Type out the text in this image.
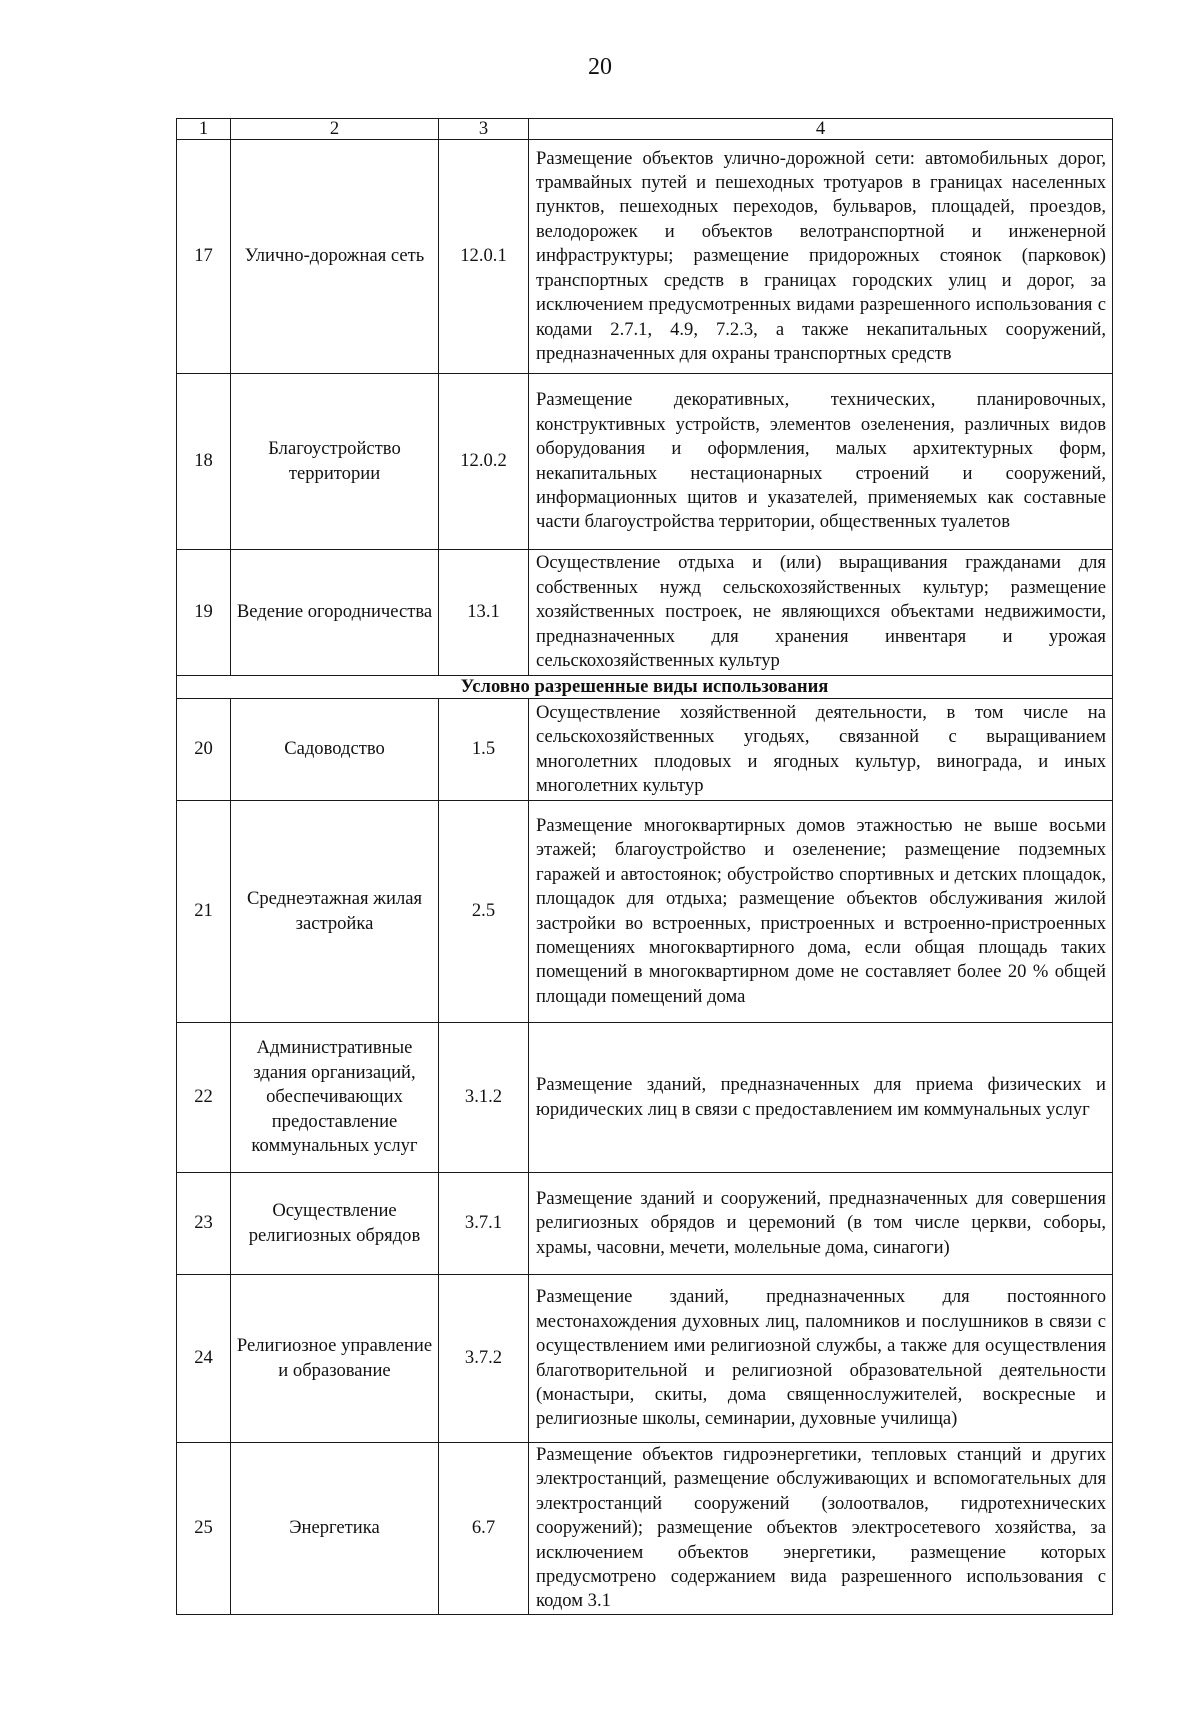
20
1	2	3	4
17	Улично-дорожная сеть	12.0.1	Размещение объектов улично-дорожной сети: автомобильных дорог, трамвайных путей и пешеходных тротуаров в границах населенных пунктов, пешеходных переходов, бульваров, площадей, проездов, велодорожек и объектов велотранспортной и инженерной инфраструктуры; размещение придорожных стоянок (парковок) транспортных средств в границах городских улиц и дорог, за исключением предусмотренных видами разрешенного использования с кодами 2.7.1, 4.9, 7.2.3, а также некапитальных сооружений, предназначенных для охраны транспортных средств
18	Благоустройство территории	12.0.2	Размещение декоративных, технических, планировочных, конструктивных устройств, элементов озеленения, различных видов оборудования и оформления, малых архитектурных форм, некапитальных нестационарных строений и сооружений, информационных щитов и указателей, применяемых как составные части благоустройства территории, общественных туалетов
19	Ведение огородничества	13.1	Осуществление отдыха и (или) выращивания гражданами для собственных нужд сельскохозяйственных культур; размещение хозяйственных построек, не являющихся объектами недвижимости, предназначенных для хранения инвентаря и урожая сельскохозяйственных культур
Условно разрешенные виды использования			
20	Садоводство	1.5	Осуществление хозяйственной деятельности, в том числе на сельскохозяйственных угодьях, связанной с выращиванием многолетних плодовых и ягодных культур, винограда, и иных многолетних культур
21	Среднеэтажная жилая застройка	2.5	Размещение многоквартирных домов этажностью не выше восьми этажей; благоустройство и озеленение; размещение подземных гаражей и автостоянок; обустройство спортивных и детских площадок, площадок для отдыха; размещение объектов обслуживания жилой застройки во встроенных, пристроенных и встроенно-пристроенных помещениях многоквартирного дома, если общая площадь таких помещений в многоквартирном доме не составляет более 20 % общей площади помещений дома
22	Административные здания организаций, обеспечивающих предоставление коммунальных услуг	3.1.2	Размещение зданий, предназначенных для приема физических и юридических лиц в связи с предоставлением им коммунальных услуг
23	Осуществление религиозных обрядов	3.7.1	Размещение зданий и сооружений, предназначенных для совершения религиозных обрядов и церемоний (в том числе церкви, соборы, храмы, часовни, мечети, молельные дома, синагоги)
24	Религиозное управление и образование	3.7.2	Размещение зданий, предназначенных для постоянного местонахождения духовных лиц, паломников и послушников в связи с осуществлением ими религиозной службы, а также для осуществления благотворительной и религиозной образовательной деятельности (монастыри, скиты, дома священнослужителей, воскресные и религиозные школы, семинарии, духовные училища)
25	Энергетика	6.7	Размещение объектов гидроэнергетики, тепловых станций и других электростанций, размещение обслуживающих и вспомогательных для электростанций сооружений (золоотвалов, гидротехнических сооружений); размещение объектов электросетевого хозяйства, за исключением объектов энергетики, размещение которых предусмотрено содержанием вида разрешенного использования с кодом 3.1
